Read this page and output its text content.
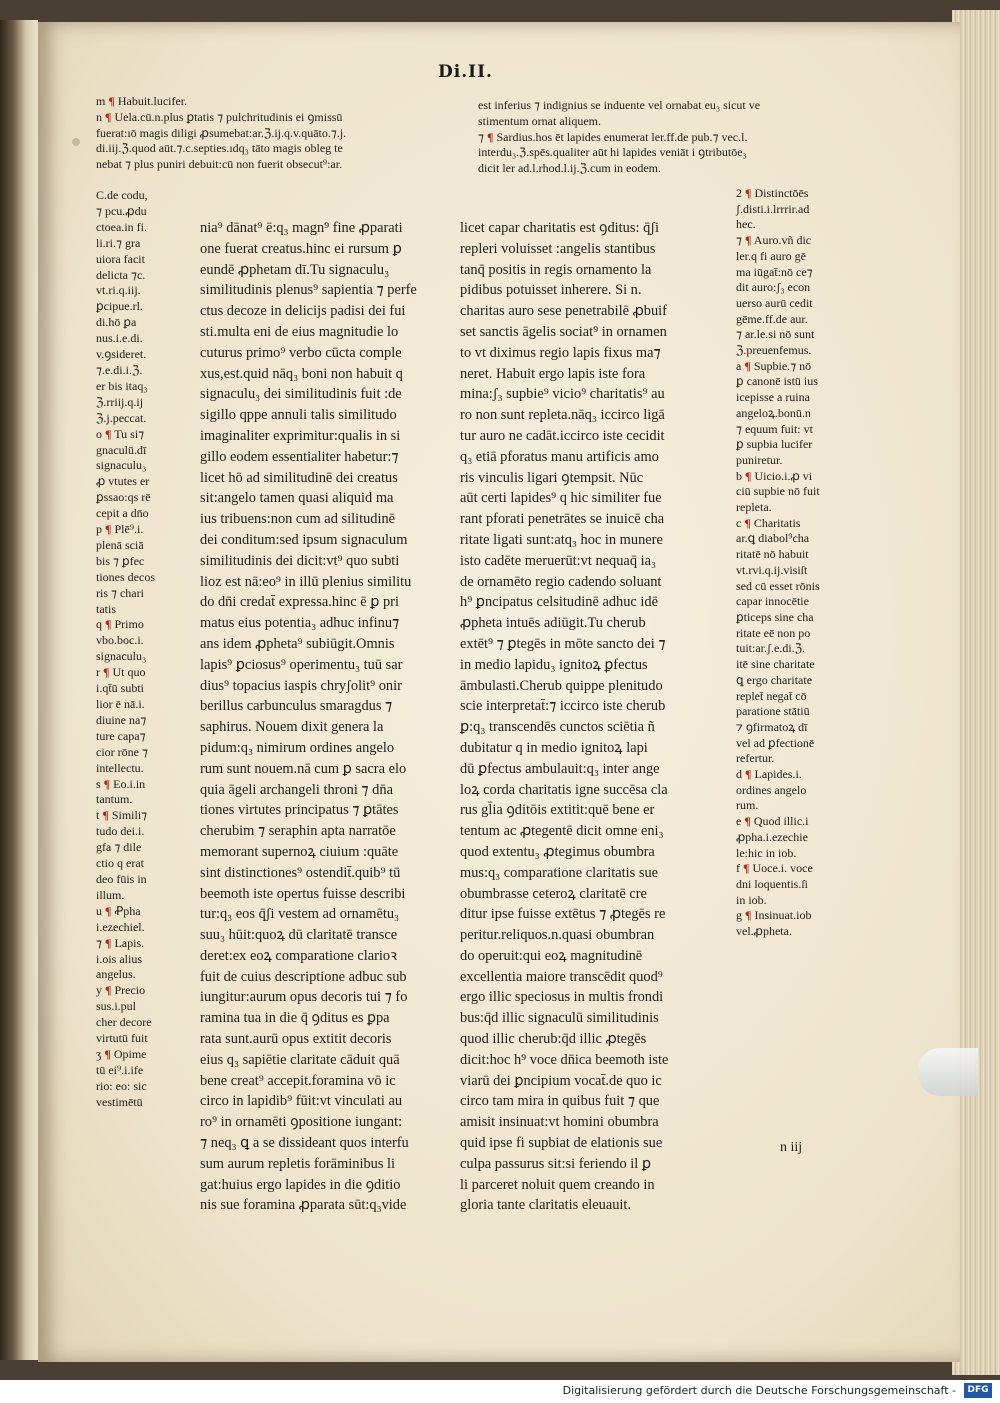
Di.II.
m ¶ Habuit.lucifer.
n ¶ Uela.cū.n.plus ꝑtatis ⁊ pulchritudinis ei ꝯmissū
fuerat:ıō magis diligi ꝓsumebat:ar.ℨ.ij.q.v.quāto.⁊.j.
di.iij.ℨ.quod aūt.⁊.c.septies.ıdq₃ tāto magis obleg te
nebat ⁊ plus puniri debuit:cū non fuerit obsecut⁹:ar.
est inferius ⁊ indignius se induente vel ornabat eu₃ sicut ve
stimentum ornat aliquem.
⁊ ¶ Sardius.hos ēt lapides enumerat ler.ff.de pub.⁊ vec.l.
interdu₃.ℨ.spēs.qualiter aūt hi lapides veniāt i ꝯtributōe₃
dicit ler ad.l.rhod.l.ij.ℨ.cum in eodem.
C.de codu,
⁊ pcu.ꝓdu
ctoea.in fi.
li.ri.⁊ gra
uiora facit
delicta ⁊c.
vt.ri.q.iij.
ꝑcipue.rl.
di.hō ꝑa
nus.i.e.di.
v.ꝯsideret.
⁊.e.di.i.ℨ.
er bis itaq₃
ℨ.rriij.q.ij
ℨ.j.peccat.
o ¶ Tu si⁊
gnaculū.dī
signaculu₃
ꝓ vtutes er
ꝑssao:qs rē
cepit a dn̄o
p ¶ Plē⁹.i.
plenā sciā
bis ⁊ ꝑfec
tiones decos
ris ⁊ chari
tatis
q ¶ Primo
vbo.boc.i.
signaculu₃
r ¶ Ut quo
i.qt̄ū subti
lior ē nā.i.
diuine na⁊
ture capa⁊
cior rōne ⁊
intellectu.
s ¶ Eo.i.in
tantum.
t ¶ Simili⁊
tudo dei.i.
gfa ⁊ dile
ctio q erat
deo fūis in
illum.
u ¶ Ꝓpha
i.ezechiel.
⁊ ¶ Lapis.
i.ois alius
angelus.
y ¶ Precio
sus.i.pul
cher decore
virtutū fuit
ʒ ¶ Opime
tū ei⁹.i.ife
rio: eo: sic
vestimētū
nia⁹ dānat⁹ ē:q₃ magn⁹ fine ꝓparati
one fuerat creatus.hinc ei rursum ꝑ
eundē ꝓphetam dī.Tu signaculu₃
similitudinis plenus⁹ sapientia ⁊ perfe
ctus decoze in delicijs padisi dei fui
sti.multa eni de eius magnitudie lo
cuturus primo⁹ verbo cūcta comple
xus,est.quid nāq₃ boni non habuit q
signaculu₃ dei similitudinis fuit :de
sigillo qppe annuli talis similitudo
imaginaliter exprimitur:qualis in si
gillo eodem essentialiter habetur:⁊
licet hō ad similitudinē dei creatus
sit:angelo tamen quasi aliquid ma
ius tribuens:non cum ad silitudinē
dei conditum:sed ipsum signaculum
similitudinis dei dicit:vt⁹ quo subti
lioz est nā:eo⁹ in illū plenius similitu
do dn̄i credat̄ expressa.hinc ē ꝑ pri
matus eius potentia₃ adhuc infinu⁊
ans idem ꝓpheta⁹ subiūgit.Omnis
lapis⁹ ꝑciosus⁹ operimentu₃ tuū sar
dius⁹ topacius iaspis chryʃolit⁹ onir
berillus carbunculus smaragdus ⁊
saphirus. Nouem dixit genera la
pidum:q₃ nimirum ordines angelo
rum sunt nouem.nā cum ꝑ sacra elo
quia āgeli archangeli throni ⁊ dn̄a
tiones virtutes principatus ⁊ ꝑtātes
cherubim ⁊ seraphin apta narratōe
memorant supernoꝝ ciuium :quāte
sint distinctiones⁹ ostendit̄.quib⁹ tū
beemoth iste opertus fuisse describi
tur:q₃ eos q̄ʃi vestem ad ornamētu₃
suu₃ hūit:quoꝝ dū claritatē transce
deret:ex eoꝝ comparatione clarioꝛ
fuit de cuius descriptione adbuc sub
iungitur:aurum opus decoris tui ⁊ fo
ramina tua in die q̄ ꝯditus es ꝑpa
rata sunt.aurū opus extitit decoris
eius q₃ sapiētie claritate cāduit quā
bene creat⁹ accepit.foramina vō ic
circo in lapidib⁹ fūit:vt vinculati au
ro⁹ in ornamēti ꝯpositione iungant:
⁊ neq₃ ꝗ a se dissideant quos interfu
sum aurum repletis forāminibus li
gat:huius ergo lapides in die ꝯditio
nis sue foramina ꝓparata sūt:q₃vide
licet capar charitatis est ꝯditus: q̄ʃi
repleri voluisset :angelis stantibus
tanq̄ positis in regis ornamento la
pidibus potuisset inherere. Si n.
charitas auro sese penetrabilē ꝓbuif
set sanctis āgelis sociat⁹ in ornamen
to vt diximus regio lapis fixus ma⁊
neret. Habuit ergo lapis iste fora
mina:ʃ₃ supbie⁹ vicio⁹ charitatis⁹ au
ro non sunt repleta.nāq₃ iccirco ligā
tur auro ne cadāt.iccirco iste cecidit
q₃ etiā pforatus manu artificis amo
ris vinculis ligari ꝯtempsit. Nūc
aūt certi lapides⁹ q hic similiter fue
rant pforati penetrātes se inuicē cha
ritate ligati sunt:atq₃ hoc in munere
isto cadēte meruerūt:vt nequaq̄ ia₃
de ornamēto regio cadendo soluant
h⁹ ꝑncipatus celsitudinē adhuc idē
ꝓpheta intuēs adiūgit.Tu cherub
extēt⁹ ⁊ ꝑtegēs in mōte sancto dei ⁊
in medio lapidu₃ ignitoꝝ ꝑfectus
āmbulasti.Cherub quippe plenitudo
scie interpretat̄:⁊ iccirco iste cherub
ꝑ:q₃ transcendēs cunctos sciētia ñ
dubitatur q in medio ignitoꝝ lapi
dū ꝑfectus ambulauit:q₃ inter ange
loꝝ corda charitatis igne succēsa cla
rus gl̄ia ꝯditōis extitit:quē bene er
tentum ac ꝓtegentē dicit omne eni₃
quod extentu₃ ꝓtegimus obumbra
mus:q₃ comparatione claritatis sue
obumbrasse ceteroꝝ claritatē cre
ditur ipse fuisse extētus ⁊ ꝓtegēs re
peritur.reliquos.n.quasi obumbran
do operuit:qui eoꝝ magnitudinē
excellentia maiore transcēdit quod⁹
ergo illic speciosus in multis frondi
bus:q̄d illic signaculū similitudinis
quod illic cherub:q̄d illic ꝓtegēs
dicit:hoc h⁹ voce dn̄ica beemoth iste
viarū dei ꝑncipium vocat̄.de quo ic
circo tam mira in quibus fuit ⁊ que
amisit insinuat:vt homini obumbra
quid ipse fi supbiat de elationis sue
culpa passurus sit:si feriendo il ꝑ
li parceret noluit quem creando in
gloria tante claritatis eleuauit.
2 ¶ Distinctōēs
ʃ.disti.i.lrrrir.ad
hec.
⁊ ¶ Auro.vñ dic
ler.q fi auro gē
ma iūgat̄:nō ce⁊
dit auro:ʃ₃ econ
uerso aurū cedit
gēme.ff.de aur.
⁊ ar.le.si nō sunt
ℨ.preuenfemus.
a ¶ Supbie.⁊ nō
ꝑ canonē istū ius
icepisse a ruina
angeloꝝ.bonū.n
⁊ equum fuit: vt
ꝑ supbia lucifer
puniretur.
b ¶ Uicio.i.ꝓ vi
ciū supbie nō fuit
repleta.
c ¶ Charitatis
ar.ꝗ diabol⁹cha
ritatē nō habuit
vt.rvi.q.ij.visiſt
sed cū esset rōnis
capar innocētie
ꝑticeps sine cha
ritate eē non po
tuit:ar.ʃ.e.di.ℨ.
itē sine charitate
ꝗ ergo charitate
replet̄ negat̄ cō
paratione stātiū
⁊ ꝯfirmatoꝝ dī
vel ad ꝑfectionē
refertur.
d ¶ Lapides.i.
ordines angelo
rum.
e ¶ Quod illic.i
ꝓpha.i.ezechie
le:hic in iob.
f ¶ Uoce.i. voce
dni loquentis.ſi
in iob.
g ¶ Insinuat.iob
vel.ꝓpheta.
n iij
Digitalisierung gefördert durch die Deutsche Forschungsgemeinschaft -	DFG
